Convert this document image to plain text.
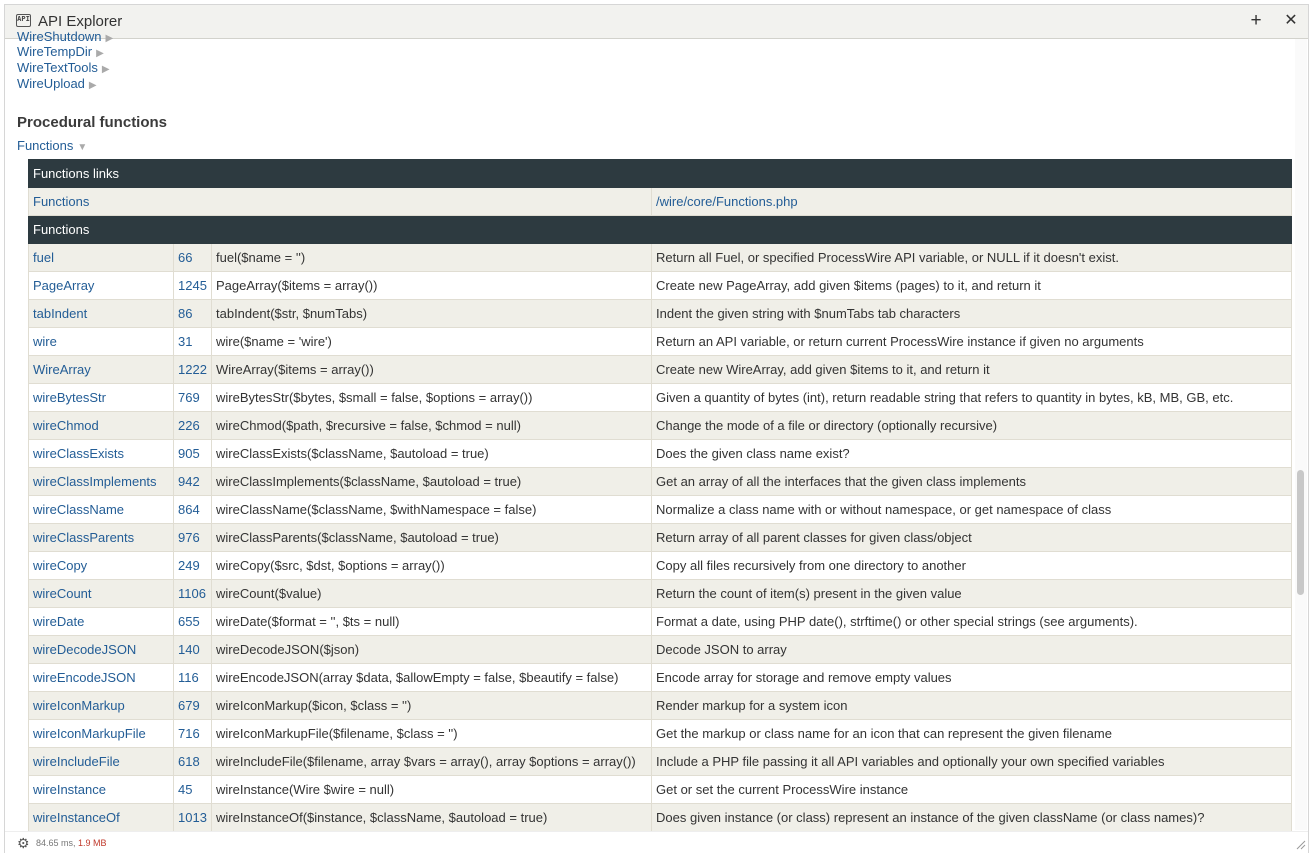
API API Explorer	+ ✕
WireShutdown ▶
WireTempDir ▶
WireTextTools ▶
WireUpload ▶
Procedural functions
Functions ▼
Functions links			
Functions			/wire/core/Functions.php
Functions			
fuel	66	fuel($name = '')	Return all Fuel, or specified ProcessWire API variable, or NULL if it doesn't exist.
PageArray	1245	PageArray($items = array())	Create new PageArray, add given $items (pages) to it, and return it
tabIndent	86	tabIndent($str, $numTabs)	Indent the given string with $numTabs tab characters
wire	31	wire($name = 'wire')	Return an API variable, or return current ProcessWire instance if given no arguments
WireArray	1222	WireArray($items = array())	Create new WireArray, add given $items to it, and return it
wireBytesStr	769	wireBytesStr($bytes, $small = false, $options = array())	Given a quantity of bytes (int), return readable string that refers to quantity in bytes, kB, MB, GB, etc.
wireChmod	226	wireChmod($path, $recursive = false, $chmod = null)	Change the mode of a file or directory (optionally recursive)
wireClassExists	905	wireClassExists($className, $autoload = true)	Does the given class name exist?
wireClassImplements	942	wireClassImplements($className, $autoload = true)	Get an array of all the interfaces that the given class implements
wireClassName	864	wireClassName($className, $withNamespace = false)	Normalize a class name with or without namespace, or get namespace of class
wireClassParents	976	wireClassParents($className, $autoload = true)	Return array of all parent classes for given class/object
wireCopy	249	wireCopy($src, $dst, $options = array())	Copy all files recursively from one directory to another
wireCount	1106	wireCount($value)	Return the count of item(s) present in the given value
wireDate	655	wireDate($format = '', $ts = null)	Format a date, using PHP date(), strftime() or other special strings (see arguments).
wireDecodeJSON	140	wireDecodeJSON($json)	Decode JSON to array
wireEncodeJSON	116	wireEncodeJSON(array $data, $allowEmpty = false, $beautify = false)	Encode array for storage and remove empty values
wireIconMarkup	679	wireIconMarkup($icon, $class = '')	Render markup for a system icon
wireIconMarkupFile	716	wireIconMarkupFile($filename, $class = '')	Get the markup or class name for an icon that can represent the given filename
wireIncludeFile	618	wireIncludeFile($filename, array $vars = array(), array $options = array())	Include a PHP file passing it all API variables and optionally your own specified variables
wireInstance	45	wireInstance(Wire $wire = null)	Get or set the current ProcessWire instance
wireInstanceOf	1013	wireInstanceOf($instance, $className, $autoload = true)	Does given instance (or class) represent an instance of the given className (or class names)?
⚙ 84.65 ms, 1.9 MB
